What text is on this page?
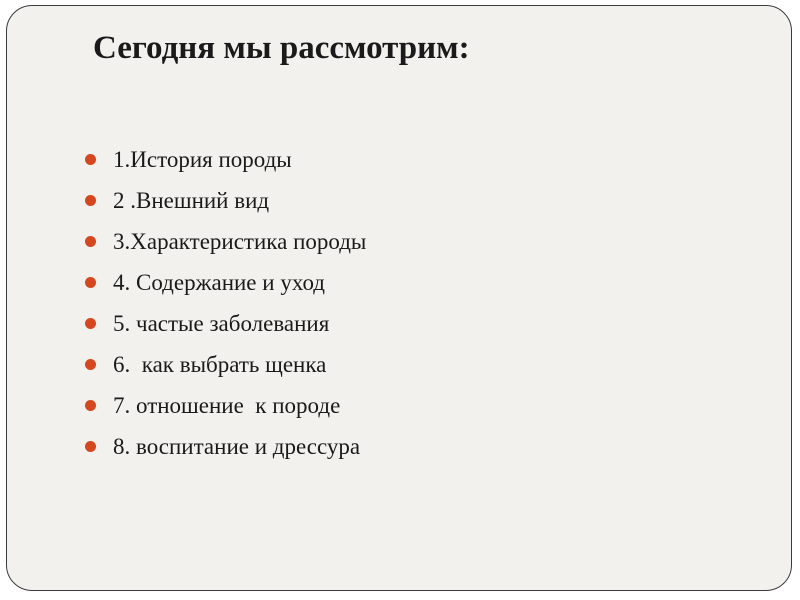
Сегодня мы рассмотрим:
1.История породы
2 .Внешний вид
3.Характеристика породы
4. Содержание и уход
5. частые заболевания
6.  как выбрать щенка
7. отношение  к породе
8. воспитание и дрессура
